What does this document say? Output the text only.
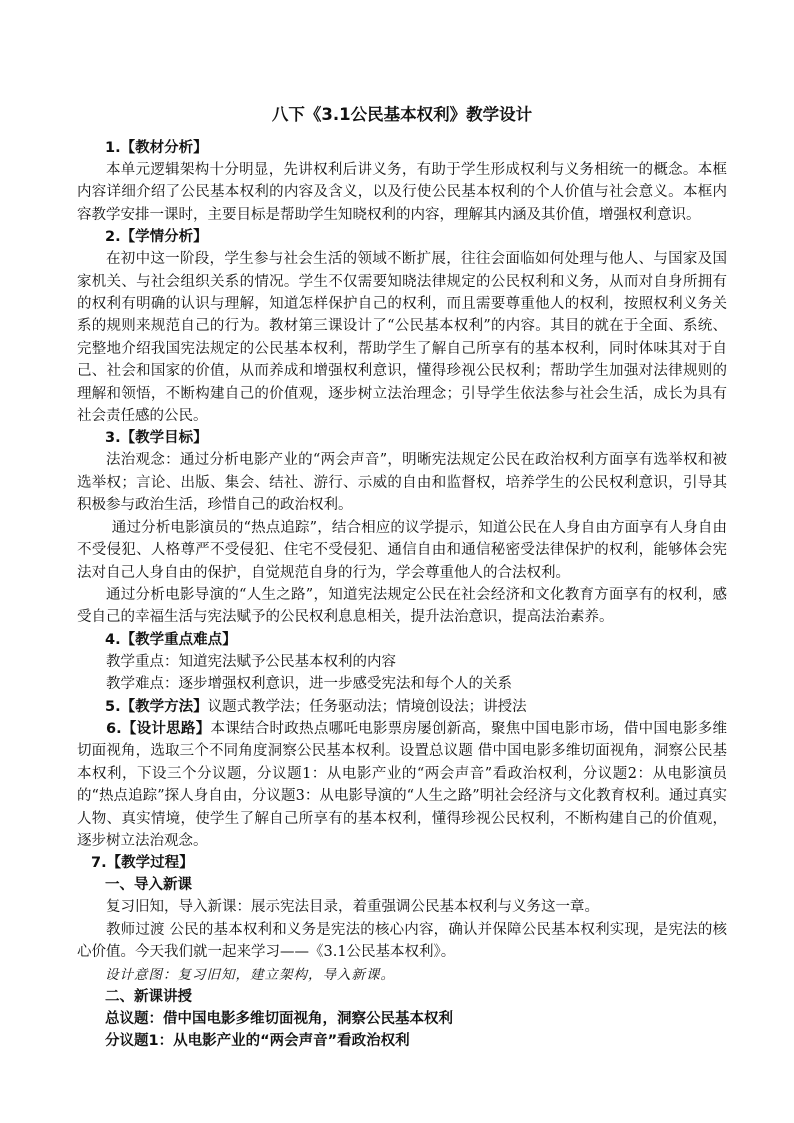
八下《3.1公民基本权利》教学设计
1.【教材分析】

本单元逻辑架构十分明显，先讲权利后讲义务，有助于学生形成权利与义务相统一的概念。本框内容详细介绍了公民基本权利的内容及含义，以及行使公民基本权利的个人价值与社会意义。本框内容教学安排一课时，主要目标是帮助学生知晓权利的内容，理解其内涵及其价值，增强权利意识。

2.【学情分析】

在初中这一阶段，学生参与社会生活的领域不断扩展，往往会面临如何处理与他人、与国家及国家机关、与社会组织关系的情况。学生不仅需要知晓法律规定的公民权利和义务，从而对自身所拥有的权利有明确的认识与理解，知道怎样保护自己的权利，而且需要尊重他人的权利，按照权利义务关系的规则来规范自己的行为。教材第三课设计了“公民基本权利”的内容。其目的就在于全面、系统、完整地介绍我国宪法规定的公民基本权利，帮助学生了解自己所享有的基本权利，同时体味其对于自己、社会和国家的价值，从而养成和增强权利意识，懂得珍视公民权利；帮助学生加强对法律规则的理解和领悟，不断构建自己的价值观，逐步树立法治理念；引导学生依法参与社会生活，成长为具有社会责任感的公民。

3.【教学目标】

法治观念：通过分析电影产业的“两会声音”，明晰宪法规定公民在政治权利方面享有选举权和被选举权；言论、出版、集会、结社、游行、示威的自由和监督权，培养学生的公民权利意识，引导其积极参与政治生活，珍惜自己的政治权利。

通过分析电影演员的“热点追踪”，结合相应的议学提示，知道公民在人身自由方面享有人身自由不受侵犯、人格尊严不受侵犯、住宅不受侵犯、通信自由和通信秘密受法律保护的权利，能够体会宪法对自己人身自由的保护，自觉规范自身的行为，学会尊重他人的合法权利。

通过分析电影导演的“人生之路”，知道宪法规定公民在社会经济和文化教育方面享有的权利，感受自己的幸福生活与宪法赋予的公民权利息息相关，提升法治意识，提高法治素养。

4.【教学重点难点】

教学重点：知道宪法赋予公民基本权利的内容

教学难点：逐步增强权利意识，进一步感受宪法和每个人的关系

5.【教学方法】议题式教学法；任务驱动法；情境创设法；讲授法

6.【设计思路】本课结合时政热点哪吒电影票房屡创新高，聚焦中国电影市场，借中国电影多维切面视角，选取三个不同角度洞察公民基本权利。设置总议题 借中国电影多维切面视角，洞察公民基本权利，下设三个分议题，分议题1：从电影产业的“两会声音”看政治权利，分议题2：从电影演员的“热点追踪”探人身自由，分议题3：从电影导演的“人生之路”明社会经济与文化教育权利。通过真实人物、真实情境，使学生了解自己所享有的基本权利，懂得珍视公民权利，不断构建自己的价值观，逐步树立法治观念。

7.【教学过程】
一、导入新课

复习旧知，导入新课：展示宪法目录，着重强调公民基本权利与义务这一章。

教师过渡 公民的基本权利和义务是宪法的核心内容，确认并保障公民基本权利实现，是宪法的核心价值。今天我们就一起来学习——《3.1公民基本权利》。

设计意图：复习旧知，建立架构，导入新课。
二、新课讲授
总议题：借中国电影多维切面视角，洞察公民基本权利
分议题1：从电影产业的“两会声音”看政治权利
